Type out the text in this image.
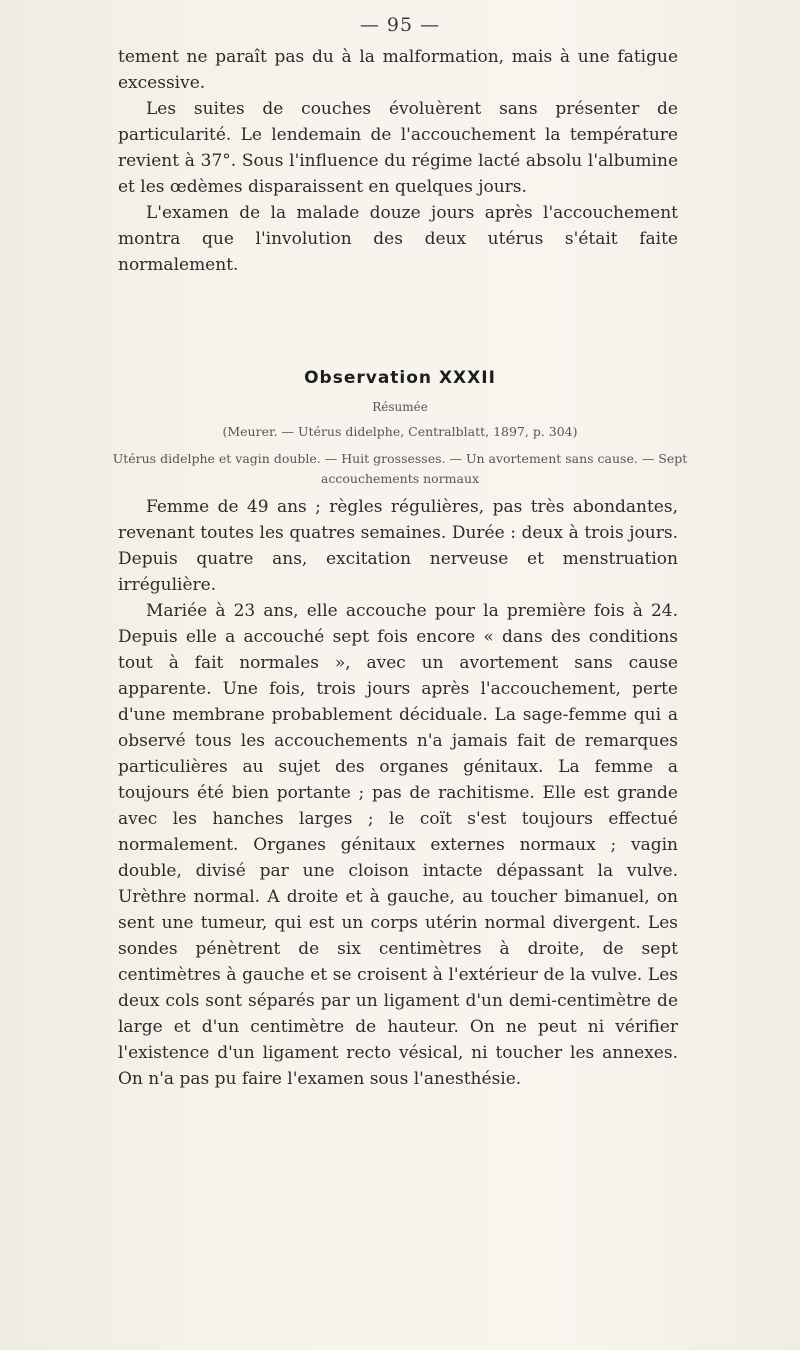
— 95 —

tement ne paraît pas du à la malformation, mais à une fatigue excessive.

Les suites de couches évoluèrent sans présenter de particularité. Le lendemain de l'accouchement la température revient à 37°. Sous l'influence du régime lacté absolu l'albumine et les œdèmes disparaissent en quelques jours.

L'examen de la malade douze jours après l'accouchement montra que l'involution des deux utérus s'était faite normalement.

Observation XXXII
Résumée
(Meurer. — Utérus didelphe, Centralblatt, 1897, p. 304)
Utérus didelphe et vagin double. — Huit grossesses. — Un avortement sans cause. — Sept accouchements normaux

Femme de 49 ans ; règles régulières, pas très abondantes, revenant toutes les quatres semaines. Durée : deux à trois jours. Depuis quatre ans, excitation nerveuse et menstruation irrégulière.

Mariée à 23 ans, elle accouche pour la première fois à 24. Depuis elle a accouché sept fois encore « dans des conditions tout à fait normales », avec un avortement sans cause apparente. Une fois, trois jours après l'accouchement, perte d'une membrane probablement déciduale. La sage-femme qui a observé tous les accouchements n'a jamais fait de remarques particulières au sujet des organes génitaux. La femme a toujours été bien portante ; pas de rachitisme. Elle est grande avec les hanches larges ; le coït s'est toujours effectué normalement. Organes génitaux externes normaux ; vagin double, divisé par une cloison intacte dépassant la vulve. Urèthre normal. A droite et à gauche, au toucher bimanuel, on sent une tumeur, qui est un corps utérin normal divergent. Les sondes pénètrent de six centimètres à droite, de sept centimètres à gauche et se croisent à l'extérieur de la vulve. Les deux cols sont séparés par un ligament d'un demi-centimètre de large et d'un centimètre de hauteur. On ne peut ni vérifier l'existence d'un ligament recto vésical, ni toucher les annexes. On n'a pas pu faire l'examen sous l'anesthésie.
